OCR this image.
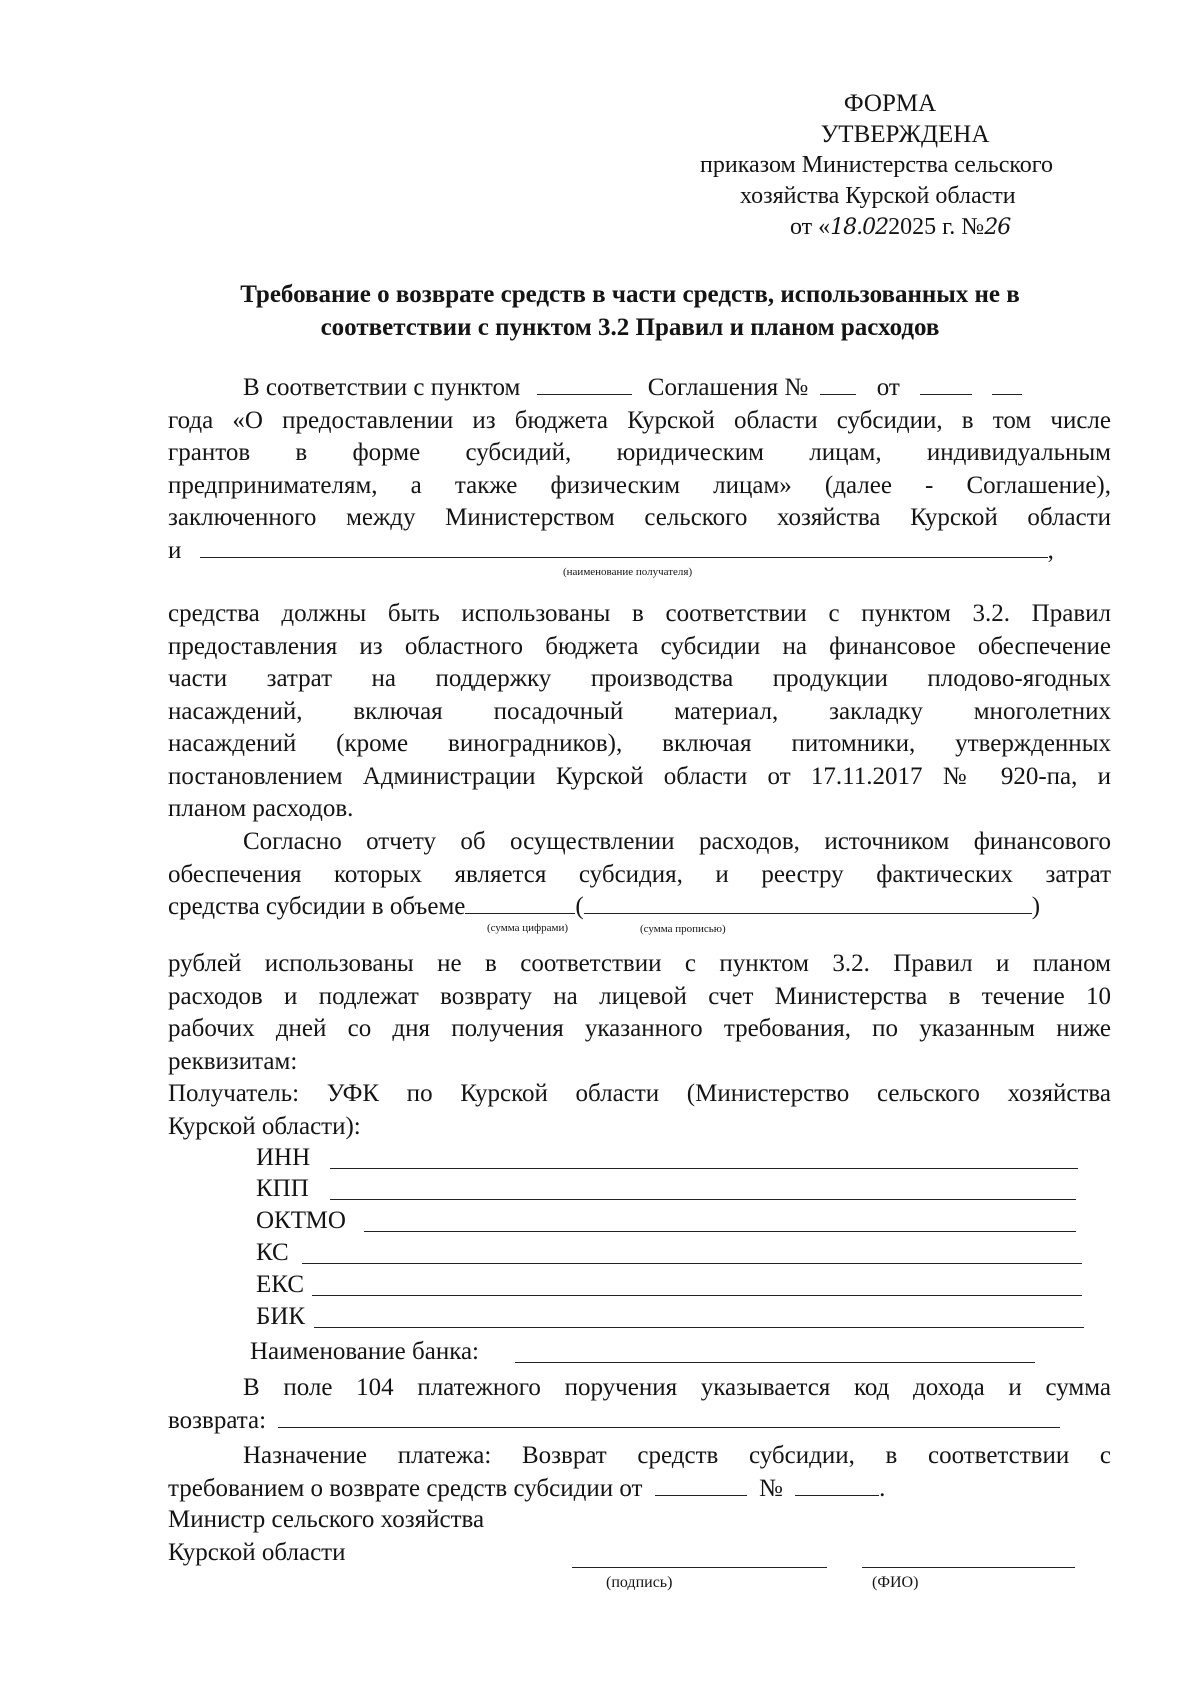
ФОРМА
УТВЕРЖДЕНА
приказом Министерства сельского
хозяйства Курской области
от «18.022025 г. №26
Требование о возврате средств в части средств, использованных не в
соответствии с пунктом 3.2 Правил и планом расходов
В соответствии с пунктом	Соглашения №	от
года «О предоставлении из бюджета Курской области субсидии, в том числе
грантов в форме субсидий, юридическим лицам, индивидуальным
предпринимателям, а также физическим лицам» (далее - Соглашение),
заключенного между Министерством сельского хозяйства Курской области
и	,
(наименование получателя)
средства должны быть использованы в соответствии с пунктом 3.2. Правил
предоставления из областного бюджета субсидии на финансовое обеспечение
части затрат на поддержку производства продукции плодово-ягодных
насаждений, включая посадочный материал, закладку многолетних
насаждений (кроме виноградников), включая питомники, утвержденных
постановлением Администрации Курской области от 17.11.2017 № 920-па, и
планом расходов.
Согласно отчету об осуществлении расходов, источником финансового
обеспечения которых является субсидия, и реестру фактических затрат
средства субсидии в объеме	(	)
(сумма цифрами)	(сумма прописью)
рублей использованы не в соответствии с пунктом 3.2. Правил и планом
расходов и подлежат возврату на лицевой счет Министерства в течение 10
рабочих дней со дня получения указанного требования, по указанным ниже
реквизитам:
Получатель: УФК по Курской области (Министерство сельского хозяйства
Курской области):
ИНН
КПП
ОКТМО
КС
ЕКС
БИК
Наименование банка:
В поле 104 платежного поручения указывается код дохода и сумма
возврата:
Назначение платежа: Возврат средств субсидии, в соответствии с
требованием о возврате средств субсидии от	№	.
Министр сельского хозяйства
Курской области
(подпись)	(ФИО)
